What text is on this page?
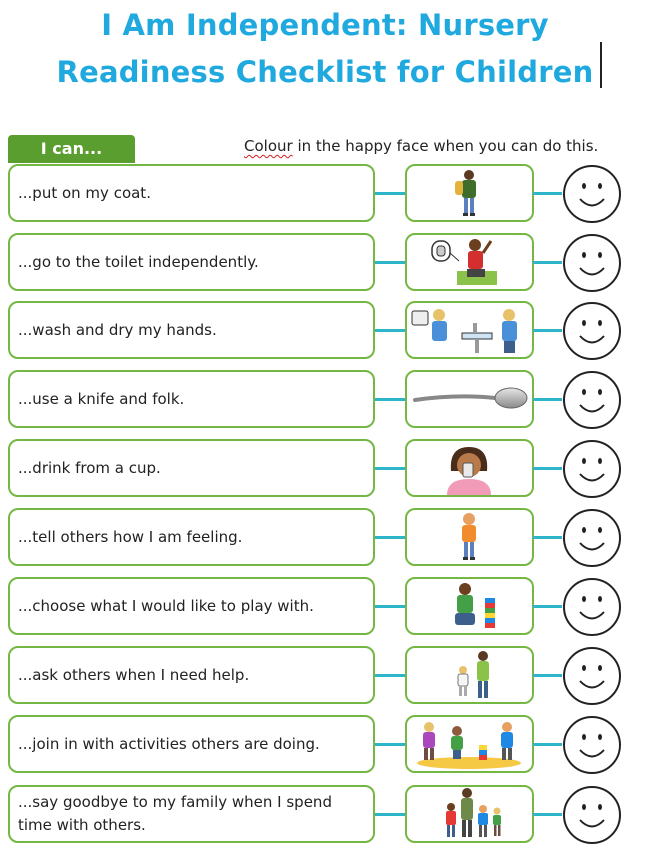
I Am Independent: Nursery
Readiness Checklist for Children
I can...	Colour in the happy face when you can do this.
...put on my coat.
...go to the toilet independently.
...wash and dry my hands.
...use a knife and folk.
...drink from a cup.
...tell others how I am feeling.
...choose what I would like to play with.
...ask others when I need help.
...join in with activities others are doing.
...say goodbye to my family when I spend time with others.
